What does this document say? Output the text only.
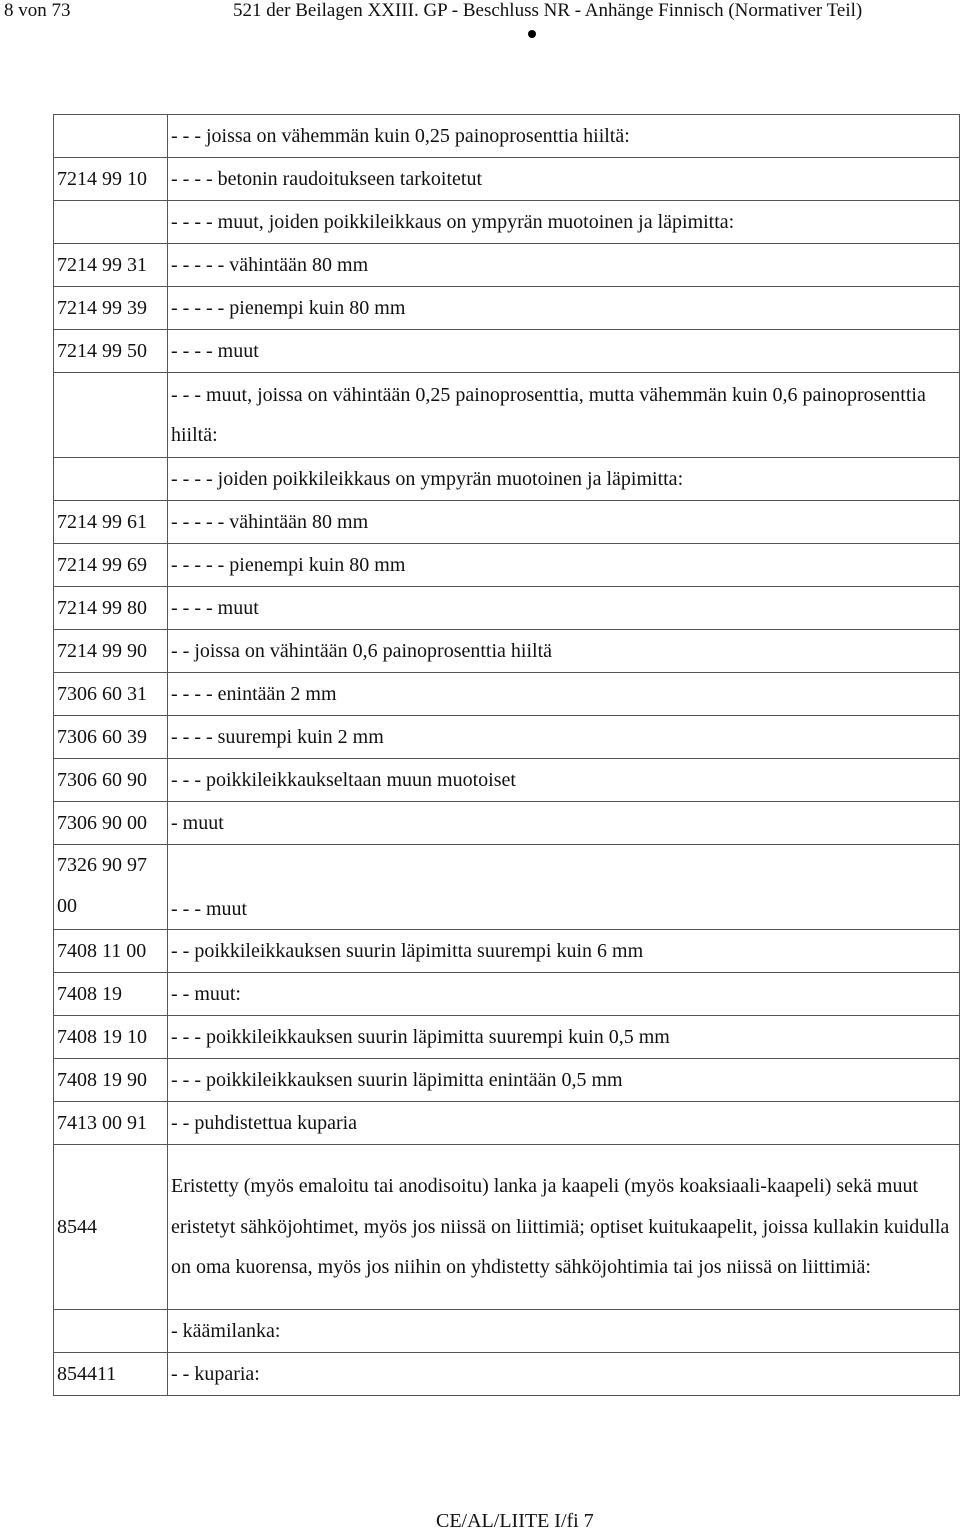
8 von 73	521 der Beilagen XXIII. GP - Beschluss NR - Anhänge Finnisch (Normativer Teil)
	- - - joissa on vähemmän kuin 0,25 painoprosenttia hiiltä:
7214 99 10	- - - - betonin raudoitukseen tarkoitetut
	- - - - muut, joiden poikkileikkaus on ympyrän muotoinen ja läpimitta:
7214 99 31	- - - - - vähintään 80 mm
7214 99 39	- - - - - pienempi kuin 80 mm
7214 99 50	- - - - muut
	- - - muut, joissa on vähintään 0,25 painoprosenttia, mutta vähemmän kuin 0,6 painoprosenttia hiiltä:
	- - - - joiden poikkileikkaus on ympyrän muotoinen ja läpimitta:
7214 99 61	- - - - - vähintään 80 mm
7214 99 69	- - - - - pienempi kuin 80 mm
7214 99 80	- - - - muut
7214 99 90	- - joissa on vähintään 0,6 painoprosenttia hiiltä
7306 60 31	- - - - enintään 2 mm
7306 60 39	- - - - suurempi kuin 2 mm
7306 60 90	- - - poikkileikkaukseltaan muun muotoiset
7306 90 00	- muut
7326 90 97 00	- - - muut
7408 11 00	- - poikkileikkauksen suurin läpimitta suurempi kuin 6 mm
7408 19	- - muut:
7408 19 10	- - - poikkileikkauksen suurin läpimitta suurempi kuin 0,5 mm
7408 19 90	- - - poikkileikkauksen suurin läpimitta enintään 0,5 mm
7413 00 91	- - puhdistettua kuparia
8544	Eristetty (myös emaloitu tai anodisoitu) lanka ja kaapeli (myös koaksiaali-kaapeli) sekä muut eristetyt sähköjohtimet, myös jos niissä on liittimiä; optiset kuitukaapelit, joissa kullakin kuidulla on oma kuorensa, myös jos niihin on yhdistetty sähköjohtimia tai jos niissä on liittimiä:
	- käämilanka:
854411	- - kuparia:
CE/AL/LIITE I/fi 7
